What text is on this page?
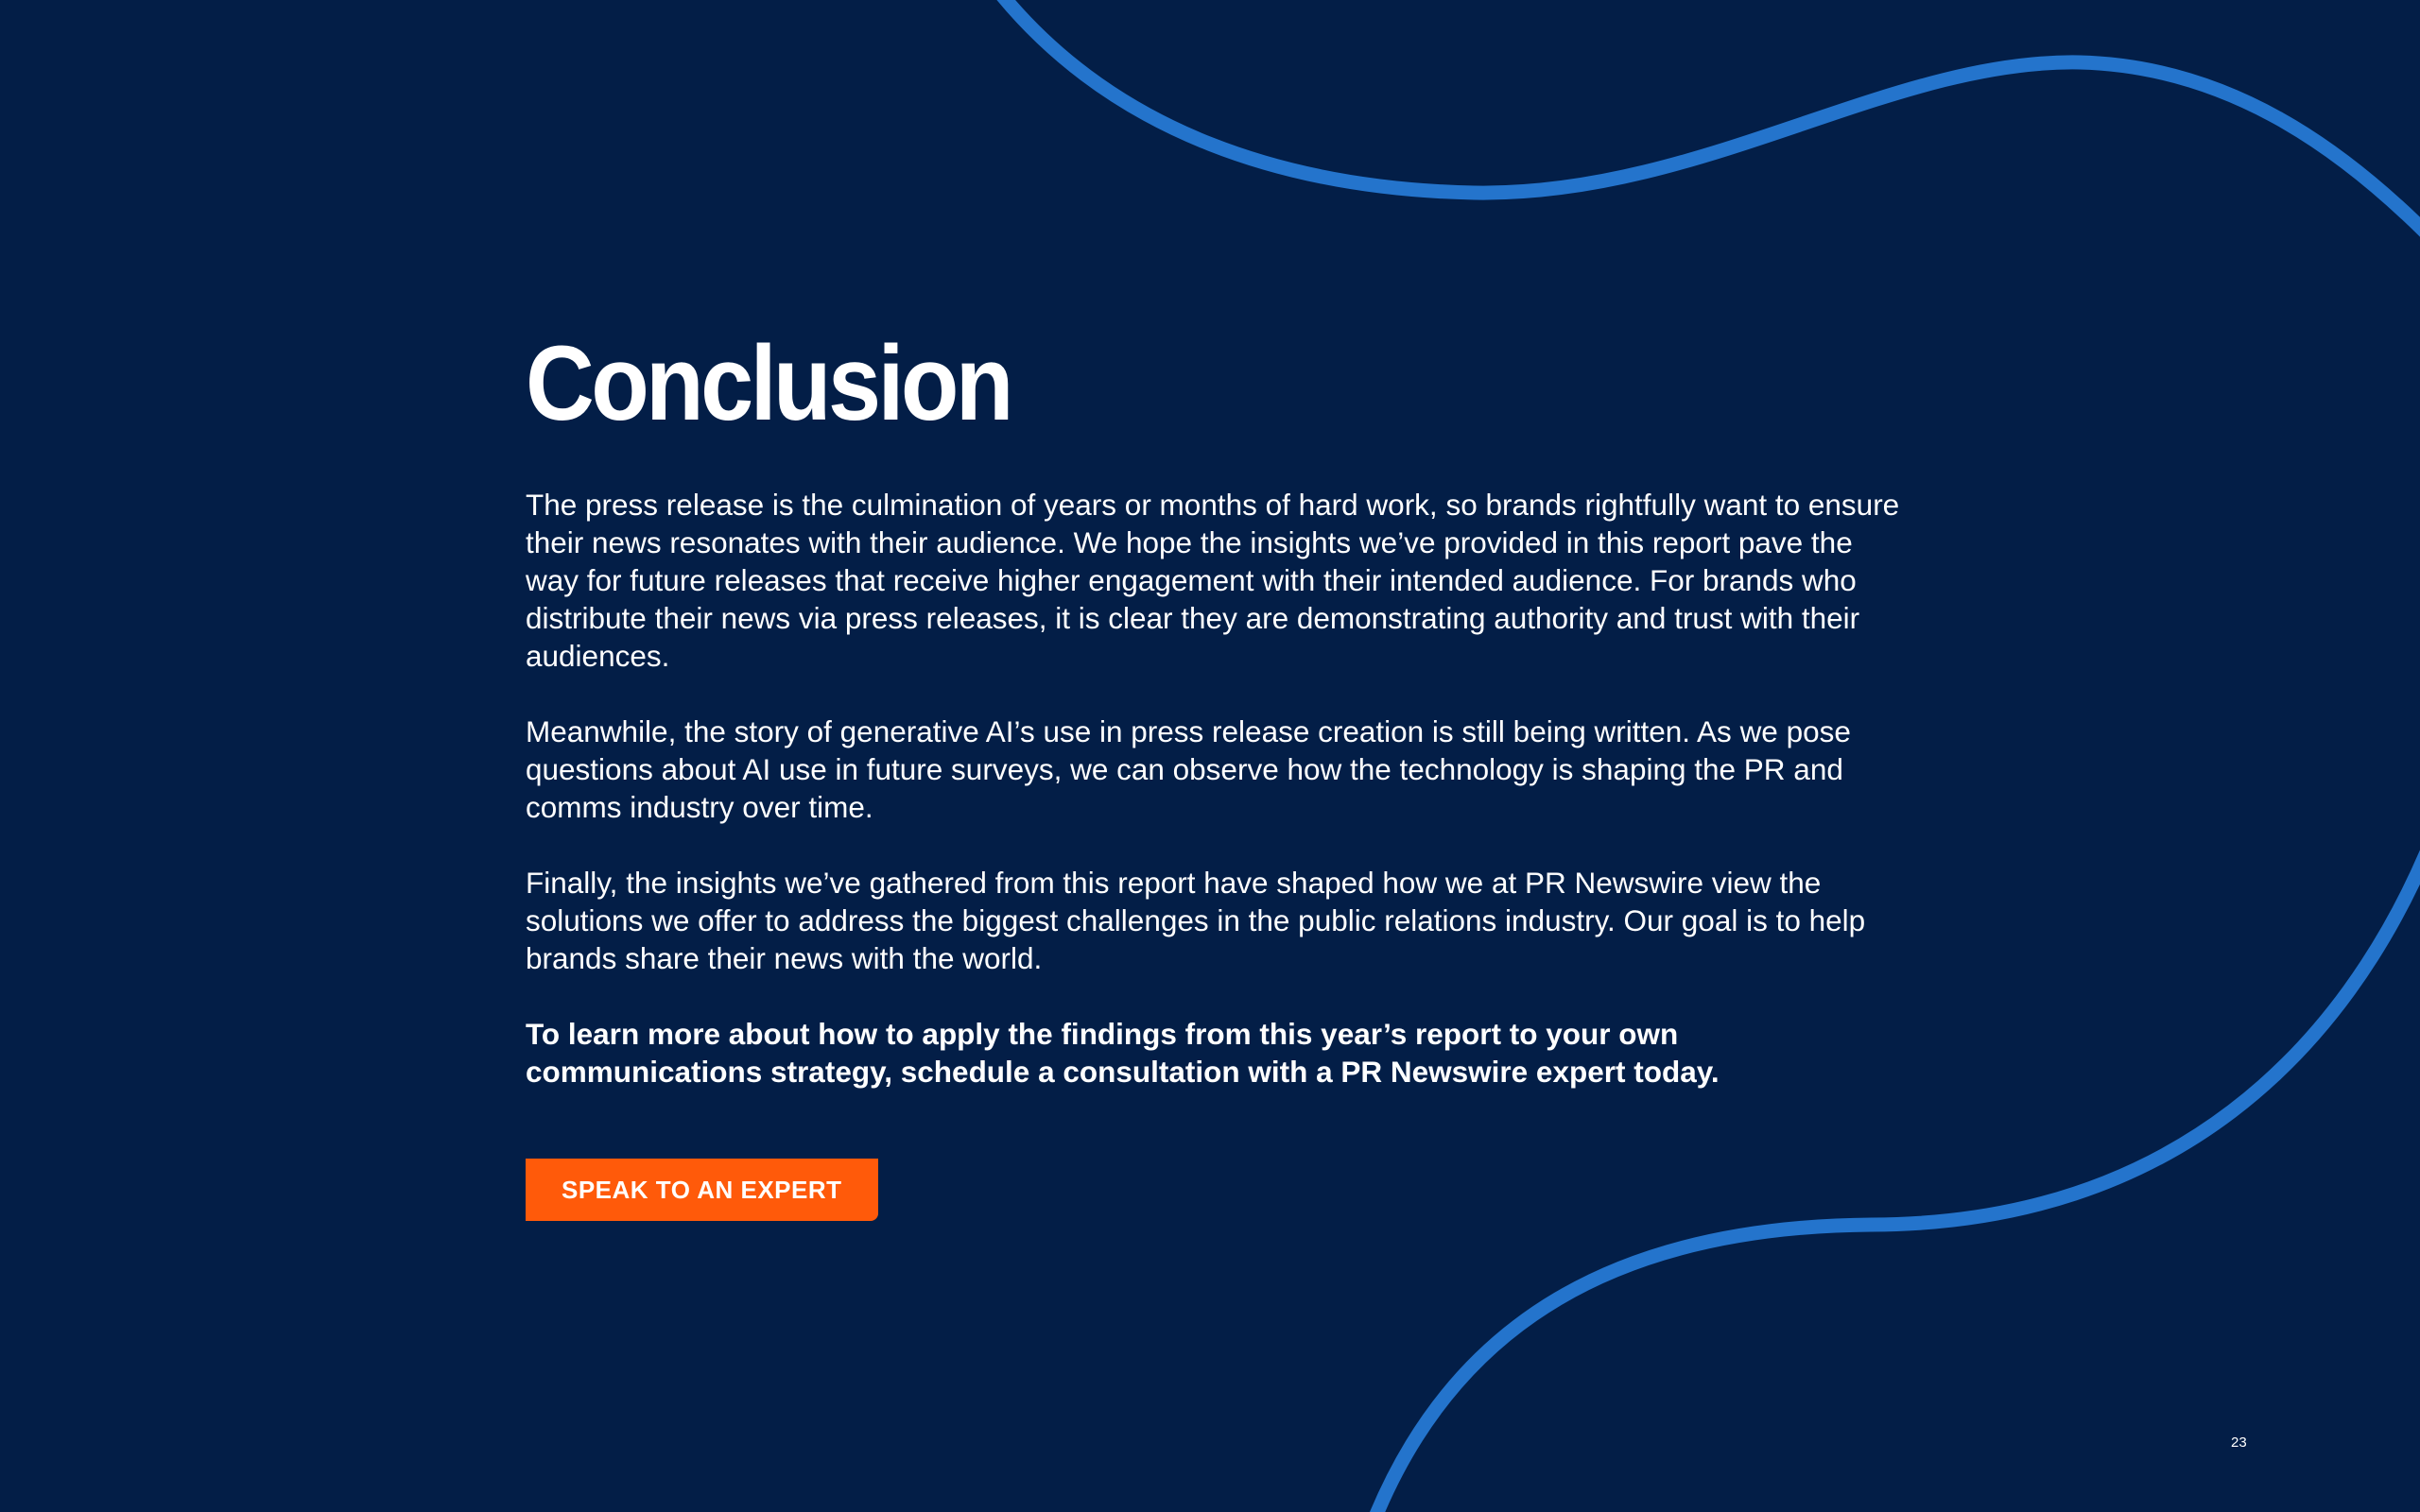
Conclusion

The press release is the culmination of years or months of hard work, so brands rightfully want to ensure their news resonates with their audience. We hope the insights we’ve provided in this report pave the way for future releases that receive higher engagement with their intended audience. For brands who distribute their news via press releases, it is clear they are demonstrating authority and trust with their audiences.

Meanwhile, the story of generative AI’s use in press release creation is still being written. As we pose questions about AI use in future surveys, we can observe how the technology is shaping the PR and comms industry over time.

Finally, the insights we’ve gathered from this report have shaped how we at PR Newswire view the solutions we offer to address the biggest challenges in the public relations industry. Our goal is to help brands share their news with the world.

To learn more about how to apply the findings from this year’s report to your own communications strategy, schedule a consultation with a PR Newswire expert today.

SPEAK TO AN EXPERT
23
